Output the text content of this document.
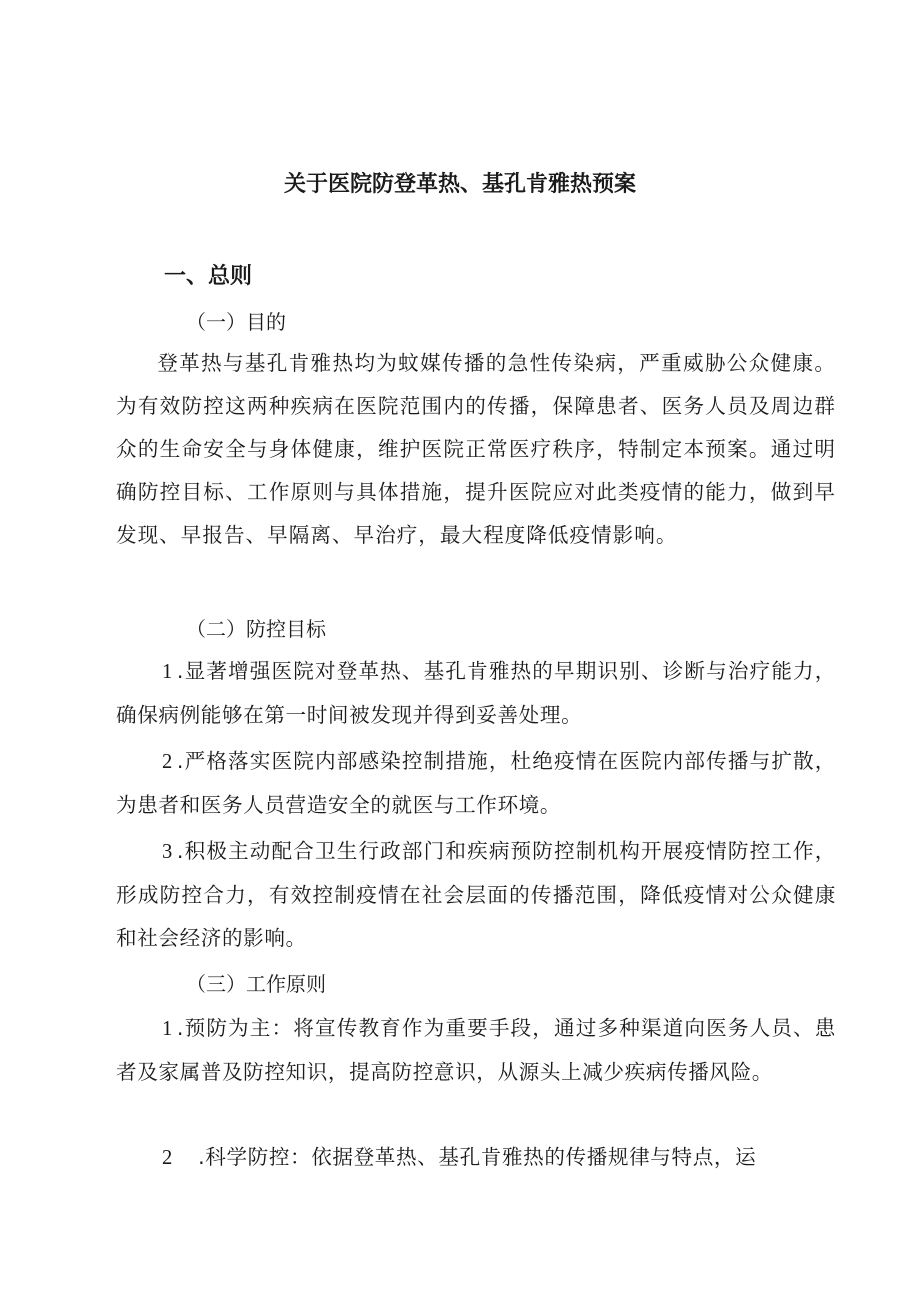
关于医院防登革热、基孔肯雅热预案
一、总则
（一）目的
登革热与基孔肯雅热均为蚊媒传播的急性传染病，严重威胁公众健康。为有效防控这两种疾病在医院范围内的传播，保障患者、医务人员及周边群众的生命安全与身体健康，维护医院正常医疗秩序，特制定本预案。通过明确防控目标、工作原则与具体措施，提升医院应对此类疫情的能力，做到早发现、早报告、早隔离、早治疗，最大程度降低疫情影响。
（二）防控目标
1 .显著增强医院对登革热、基孔肯雅热的早期识别、诊断与治疗能力，确保病例能够在第一时间被发现并得到妥善处理。
2 .严格落实医院内部感染控制措施，杜绝疫情在医院内部传播与扩散，为患者和医务人员营造安全的就医与工作环境。
3 .积极主动配合卫生行政部门和疾病预防控制机构开展疫情防控工作，形成防控合力，有效控制疫情在社会层面的传播范围，降低疫情对公众健康和社会经济的影响。
（三）工作原则
1 .预防为主：将宣传教育作为重要手段，通过多种渠道向医务人员、患者及家属普及防控知识，提高防控意识，从源头上减少疾病传播风险。
2　.科学防控：依据登革热、基孔肯雅热的传播规律与特点，运
